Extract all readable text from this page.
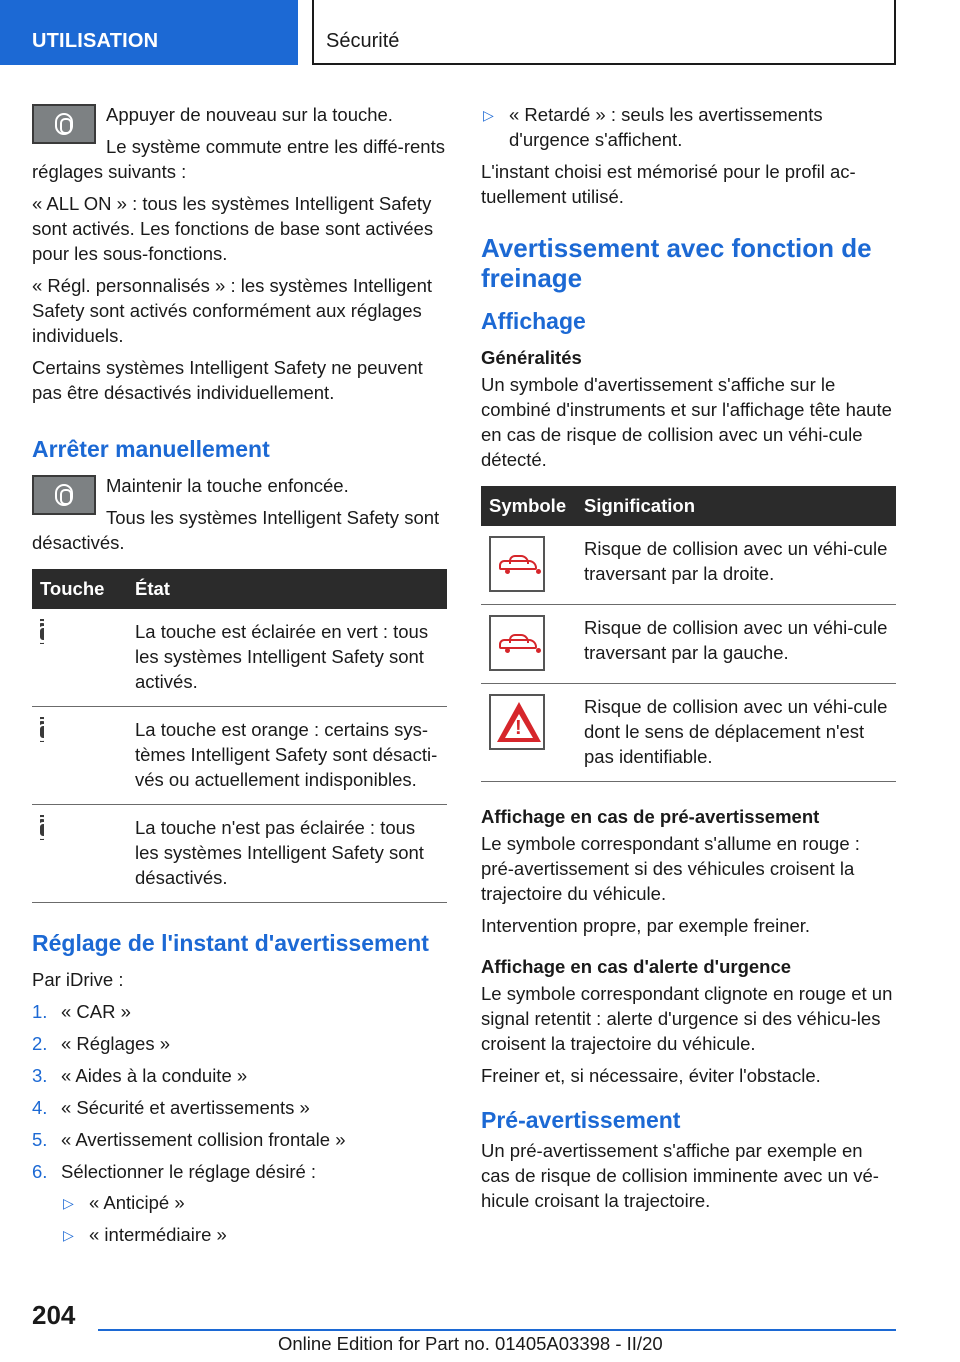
UTILISATION	Sécurité

Appuyer de nouveau sur la touche.

Le système commute entre les diffé-rents réglages suivants :

« ALL ON » : tous les systèmes Intelligent Safety sont activés. Les fonctions de base sont activées pour les sous-fonctions.

« Régl. personnalisés » : les systèmes Intelligent Safety sont activés conformément aux réglages individuels.

Certains systèmes Intelligent Safety ne peuvent pas être désactivés individuellement.

Arrêter manuellement

Maintenir la touche enfoncée.

Tous les systèmes Intelligent Safety sont désactivés.

Touche	État

	La touche est éclairée en vert : tous les systèmes Intelligent Safety sont activés.

	La touche est orange : certains sys-tèmes Intelligent Safety sont désacti-vés ou actuellement indisponibles.

	La touche n'est pas éclairée : tous les systèmes Intelligent Safety sont désactivés.
Réglage de l'instant d'avertissement

Par iDrive :

1. « CAR »
2. « Réglages »
3. « Aides à la conduite »
4. « Sécurité et avertissements »
5. « Avertissement collision frontale »
6. Sélectionner le réglage désiré :
▷ « Anticipé »
▷ « intermédiaire »
▷ « Retardé » : seuls les avertissements d'urgence s'affichent.

L'instant choisi est mémorisé pour le profil ac-tuellement utilisé.

Avertissement avec fonction de freinage
Affichage
Généralités

Un symbole d'avertissement s'affiche sur le combiné d'instruments et sur l'affichage tête haute en cas de risque de collision avec un véhi-cule détecté.

Symbole	Signification

	Risque de collision avec un véhi-cule traversant par la droite.

	Risque de collision avec un véhi-cule traversant par la gauche.

!	Risque de collision avec un véhi-cule dont le sens de déplacement n'est pas identifiable.
Affichage en cas de pré-avertissement

Le symbole correspondant s'allume en rouge : pré-avertissement si des véhicules croisent la trajectoire du véhicule.

Intervention propre, par exemple freiner.

Affichage en cas d'alerte d'urgence

Le symbole correspondant clignote en rouge et un signal retentit : alerte d'urgence si des véhicu-les croisent la trajectoire du véhicule.

Freiner et, si nécessaire, éviter l'obstacle.

Pré-avertissement

Un pré-avertissement s'affiche par exemple en cas de risque de collision imminente avec un vé-hicule croisant la trajectoire.

204
Online Edition for Part no. 01405A03398 - II/20
